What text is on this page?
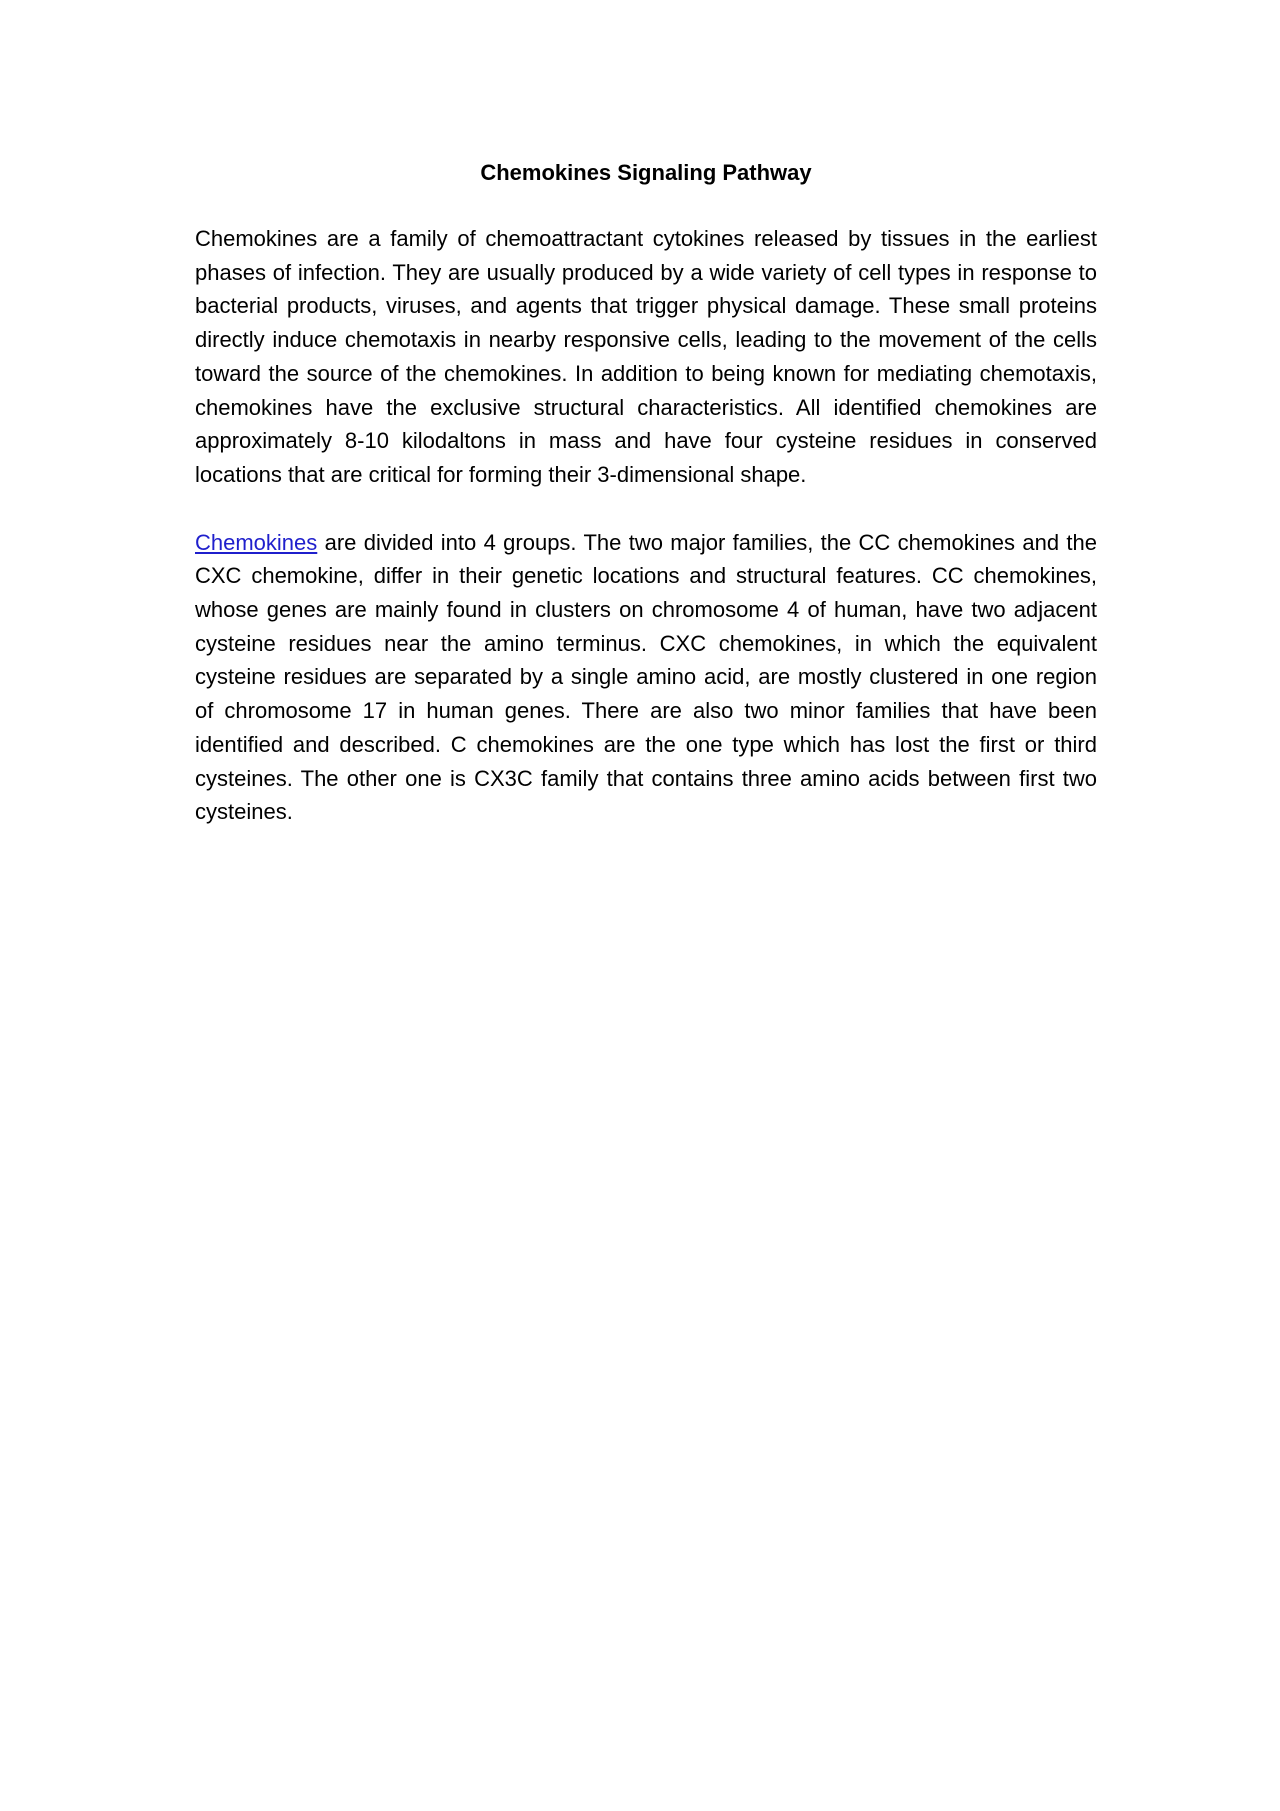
Chemokines Signaling Pathway

Chemokines are a family of chemoattractant cytokines released by tissues in the earliest phases of infection. They are usually produced by a wide variety of cell types in response to bacterial products, viruses, and agents that trigger physical damage. These small proteins directly induce chemotaxis in nearby responsive cells, leading to the movement of the cells toward the source of the chemokines. In addition to being known for mediating chemotaxis, chemokines have the exclusive structural characteristics. All identified chemokines are approximately 8-10 kilodaltons in mass and have four cysteine residues in conserved locations that are critical for forming their 3-dimensional shape.

Chemokines are divided into 4 groups. The two major families, the CC chemokines and the CXC chemokine, differ in their genetic locations and structural features. CC chemokines, whose genes are mainly found in clusters on chromosome 4 of human, have two adjacent cysteine residues near the amino terminus. CXC chemokines, in which the equivalent cysteine residues are separated by a single amino acid, are mostly clustered in one region of chromosome 17 in human genes. There are also two minor families that have been identified and described. C chemokines are the one type which has lost the first or third cysteines. The other one is CX3C family that contains three amino acids between first two cysteines.
